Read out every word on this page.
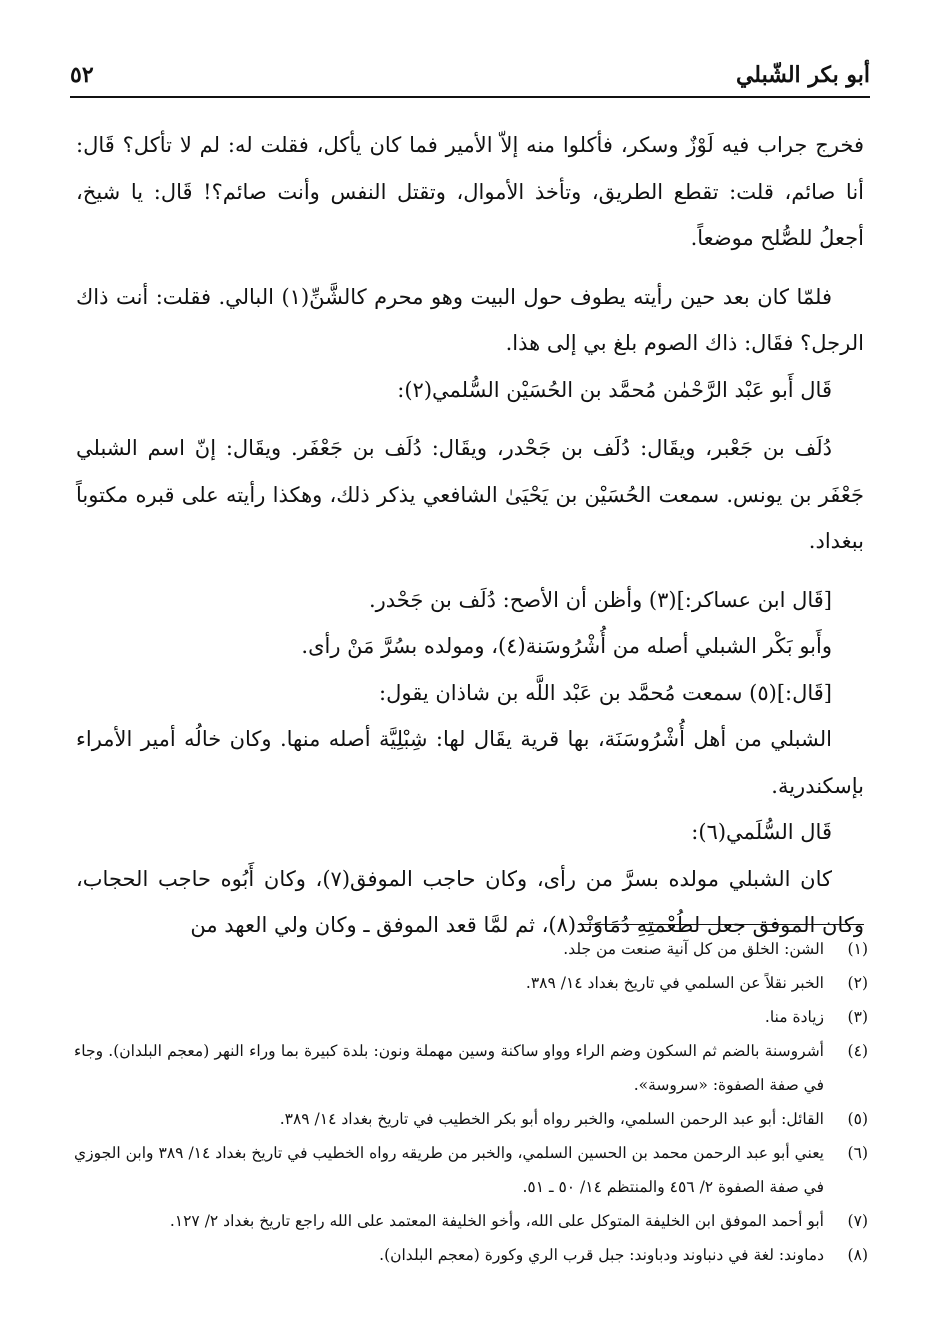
أبو بكر الشّبلي
٥٢

فخرج جراب فيه لَوْزٌ وسكر، فأكلوا منه إلاّ الأمير فما كان يأكل، فقلت له: لم لا تأكل؟ قَال: أنا صائم، قلت: تقطع الطريق، وتأخذ الأموال، وتقتل النفس وأنت صائم؟! قَال: يا شيخ، أجعلُ للصُّلح موضعاً.

فلمّا كان بعد حين رأيته يطوف حول البيت وهو محرم كالشَّنِّ(١) البالي. فقلت: أنت ذاك الرجل؟ فقَال: ذاك الصوم بلغ بي إلى هذا.

قَال أَبو عَبْد الرَّحْمٰن مُحمَّد بن الحُسَيْن السُّلمي(٢):

دُلَف بن جَعْبر، ويقَال: دُلَف بن جَحْدر، ويقَال: دُلَف بن جَعْفَر. ويقَال: إنّ اسم الشبلي جَعْفَر بن يونس. سمعت الحُسَيْن بن يَحْيَىٰ الشافعي يذكر ذلك، وهكذا رأيته على قبره مكتوباً ببغداد.

[قَال ابن عساكر:](٣) وأظن أن الأصح: دُلَف بن جَحْدر.

وأَبو بَكْر الشبلي أصله من أُشْرُوسَنة(٤)، ومولده بسُرَّ مَنْ رأى.

[قَال:](٥) سمعت مُحمَّد بن عَبْد اللَّه بن شاذان يقول:

الشبلي من أهل أُشْرُوسَنَة، بها قرية يقَال لها: شِبْلِيَّة أصله منها. وكان خالُه أمير الأمراء بإسكندرية.

قَال السُّلَمي(٦):

كان الشبلي مولده بسرَّ من رأى، وكان حاجب الموفق(٧)، وكان أَبُوه حاجب الحجاب، وكان الموفق جعل لطُعْمتِهِ دُمَاوَنْد(٨)، ثم لمَّا قعد الموفق ـ وكان ولي العهد من

(١)
الشن: الخلق من كل آنية صنعت من جلد.
(٢)
الخبر نقلاً عن السلمي في تاريخ بغداد ١٤/ ٣٨٩.
(٣)
زيادة منا.
(٤)
أشروسنة بالضم ثم السكون وضم الراء وواو ساكنة وسين مهملة ونون: بلدة كبيرة بما وراء النهر (معجم البلدان). وجاء في صفة الصفوة: «سروسة».
(٥)
القائل: أبو عبد الرحمن السلمي، والخبر رواه أبو بكر الخطيب في تاريخ بغداد ١٤/ ٣٨٩.
(٦)
يعني أبو عبد الرحمن محمد بن الحسين السلمي، والخبر من طريقه رواه الخطيب في تاريخ بغداد ١٤/ ٣٨٩ وابن الجوزي في صفة الصفوة ٢/ ٤٥٦ والمنتظم ١٤/ ٥٠ ـ ٥١.
(٧)
أبو أحمد الموفق ابن الخليفة المتوكل على الله، وأخو الخليفة المعتمد على الله راجع تاريخ بغداد ٢/ ١٢٧.
(٨)
دماوند: لغة في دنباوند ودباوند: جبل قرب الري وكورة (معجم البلدان).
